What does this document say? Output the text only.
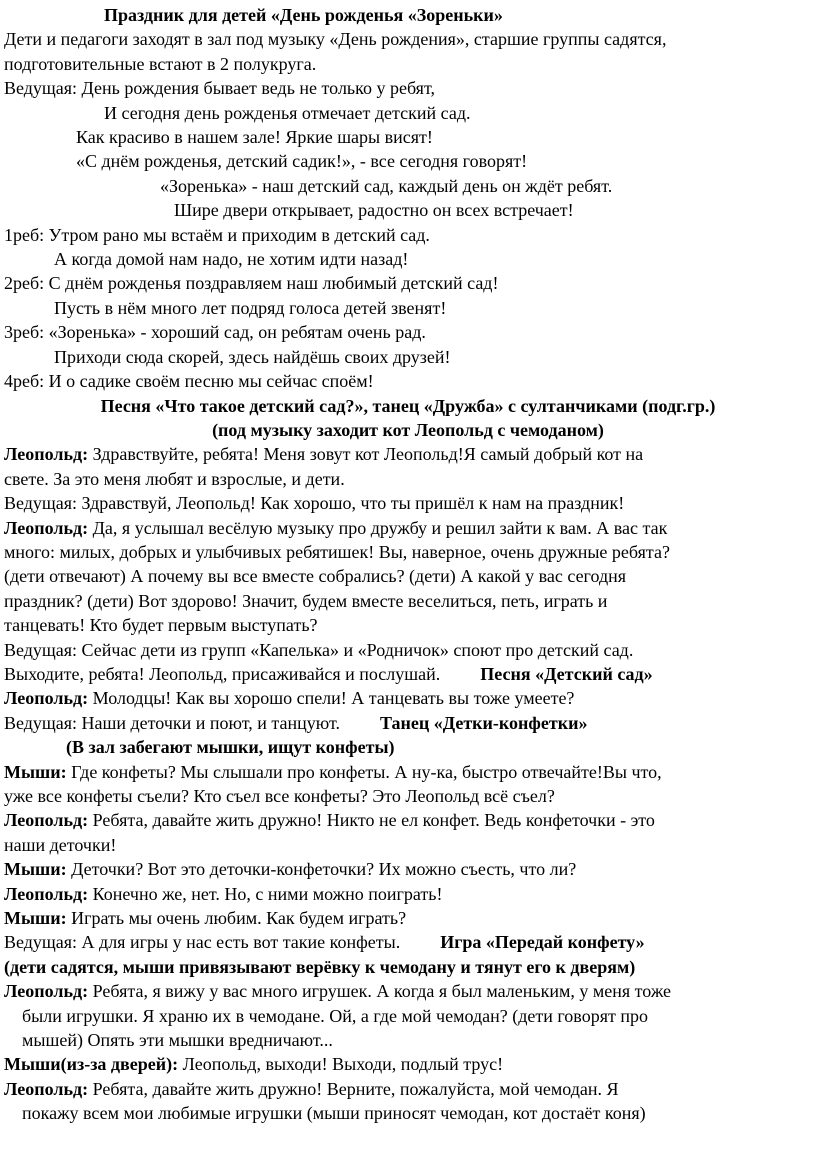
Праздник для детей «День рожденья «Зореньки»
Дети и педагоги заходят в зал под музыку «День рождения», старшие группы садятся,
подготовительные встают в 2 полукруга.
Ведущая: День рождения бывает ведь не только у ребят,
И сегодня день рожденья отмечает детский сад.
Как красиво в нашем зале! Яркие шары висят!
«С днём рожденья, детский садик!», - все сегодня говорят!
«Зоренька» - наш детский сад, каждый день он ждёт ребят.
Шире двери открывает, радостно он всех встречает!
1реб: Утром рано мы встаём и приходим в детский сад.
А когда домой нам надо, не хотим идти назад!
2реб: С днём рожденья поздравляем наш любимый детский сад!
Пусть в нём много лет подряд голоса детей звенят!
3реб: «Зоренька» - хороший сад, он ребятам очень рад.
Приходи сюда скорей, здесь найдёшь своих друзей!
4реб: И о садике своём песню мы сейчас споём!
Песня «Что такое детский сад?», танец «Дружба» с султанчиками (подг.гр.)
(под музыку заходит кот Леопольд с чемоданом)
Леопольд: Здравствуйте, ребята! Меня зовут кот Леопольд!Я самый добрый кот на
свете. За это меня любят и взрослые, и дети.
Ведущая: Здравствуй, Леопольд! Как хорошо, что ты пришёл к нам на праздник!
Леопольд: Да, я услышал весёлую музыку про дружбу и решил зайти к вам. А вас так
много: милых, добрых и улыбчивых ребятишек! Вы, наверное, очень дружные ребята?
(дети отвечают) А почему вы все вместе собрались? (дети) А какой у вас сегодня
праздник? (дети) Вот здорово! Значит, будем вместе веселиться, петь, играть и
танцевать! Кто будет первым выступать?
Ведущая: Сейчас дети из групп «Капелька» и «Родничок» споют про детский сад.
Выходите, ребята! Леопольд, присаживайся и послушай. Песня «Детский сад»
Леопольд: Молодцы! Как вы хорошо спели! А танцевать вы тоже умеете?
Ведущая: Наши деточки и поют, и танцуют. Танец «Детки-конфетки»
(В зал забегают мышки, ищут конфеты)
Мыши: Где конфеты? Мы слышали про конфеты. А ну-ка, быстро отвечайте!Вы что,
уже все конфеты съели? Кто съел все конфеты? Это Леопольд всё съел?
Леопольд: Ребята, давайте жить дружно! Никто не ел конфет. Ведь конфеточки - это
наши деточки!
Мыши: Деточки? Вот это деточки-конфеточки? Их можно съесть, что ли?
Леопольд: Конечно же, нет. Но, с ними можно поиграть!
Мыши: Играть мы очень любим. Как будем играть?
Ведущая: А для игры у нас есть вот такие конфеты. Игра «Передай конфету»
(дети садятся, мыши привязывают верёвку к чемодану и тянут его к дверям)
Леопольд: Ребята, я вижу у вас много игрушек. А когда я был маленьким, у меня тоже
были игрушки. Я храню их в чемодане. Ой, а где мой чемодан? (дети говорят про
мышей) Опять эти мышки вредничают...
Мыши(из-за дверей): Леопольд, выходи! Выходи, подлый трус!
Леопольд: Ребята, давайте жить дружно! Верните, пожалуйста, мой чемодан. Я
покажу всем мои любимые игрушки (мыши приносят чемодан, кот достаёт коня)
